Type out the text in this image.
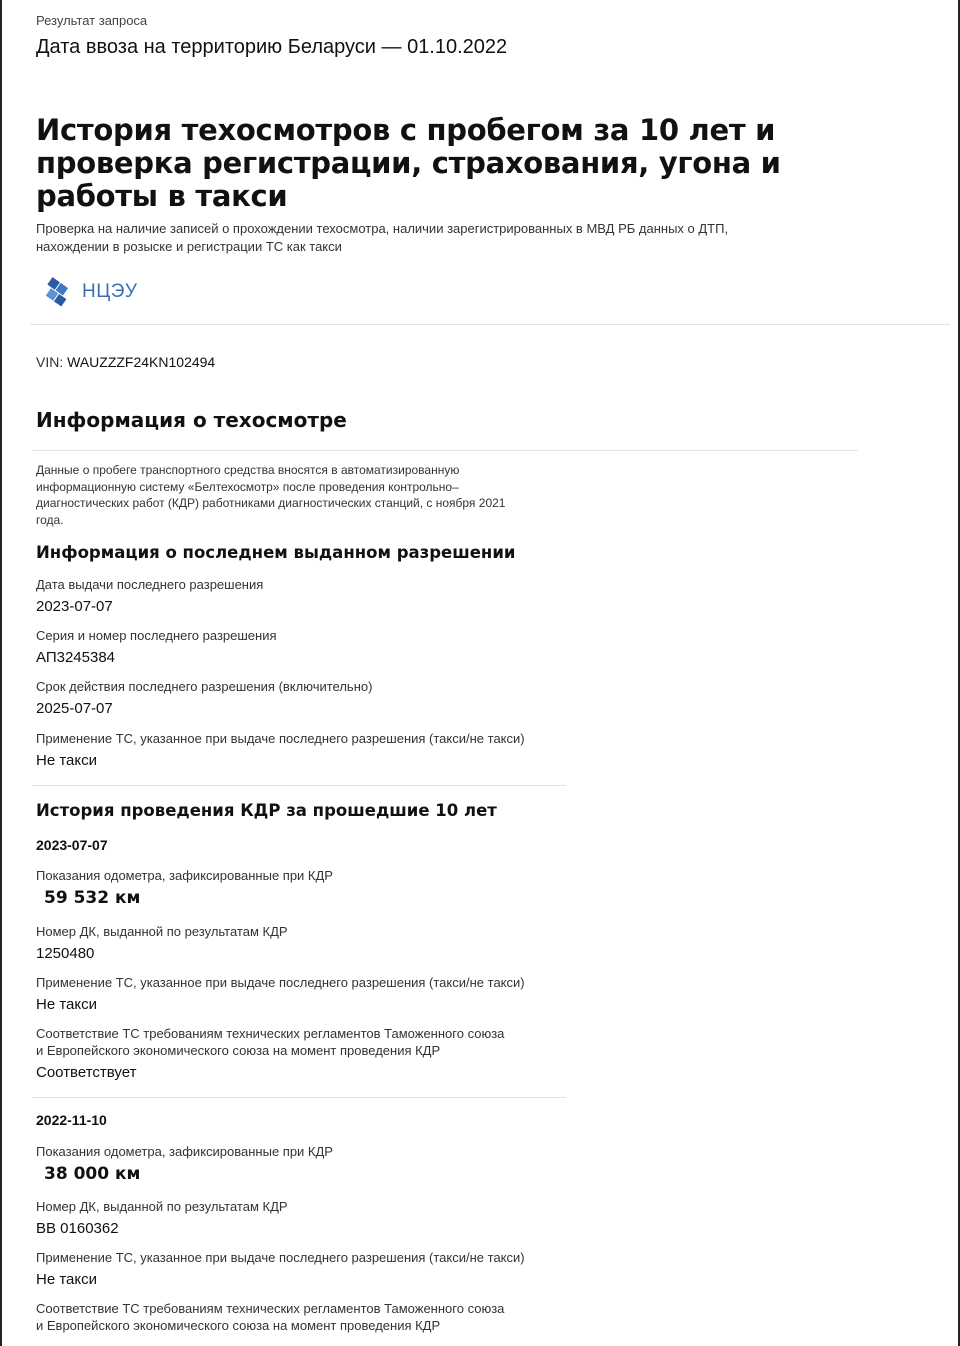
Результат запроса
Дата ввоза на территорию Беларуси — 01.10.2022
История техосмотров с пробегом за 10 лет и проверка регистрации, страхования, угона и работы в такси
Проверка на наличие записей о прохождении техосмотра, наличии зарегистрированных в МВД РБ данных о ДТП, нахождении в розыске и регистрации ТС как такси
НЦЭУ
VIN: WAUZZZF24KN102494
Информация о техосмотре
Данные о пробеге транспортного средства вносятся в автоматизированную информационную систему «Белтехосмотр» после проведения контрольно–диагностических работ (КДР) работниками диагностических станций, с ноября 2021 года.
Информация о последнем выданном разрешении
Дата выдачи последнего разрешения
2023-07-07
Серия и номер последнего разрешения
АП3245384
Срок действия последнего разрешения (включительно)
2025-07-07
Применение ТС, указанное при выдаче последнего разрешения (такси/не такси)
Не такси
История проведения КДР за прошедшие 10 лет
2023-07-07
Показания одометра, зафиксированные при КДР
59 532 км
Номер ДК, выданной по результатам КДР
1250480
Применение ТС, указанное при выдаче последнего разрешения (такси/не такси)
Не такси
Соответствие ТС требованиям технических регламентов Таможенного союза
и Европейского экономического союза на момент проведения КДР
Соответствует
2022-11-10
Показания одометра, зафиксированные при КДР
38 000 км
Номер ДК, выданной по результатам КДР
ВВ 0160362
Применение ТС, указанное при выдаче последнего разрешения (такси/не такси)
Не такси
Соответствие ТС требованиям технических регламентов Таможенного союза
и Европейского экономического союза на момент проведения КДР
